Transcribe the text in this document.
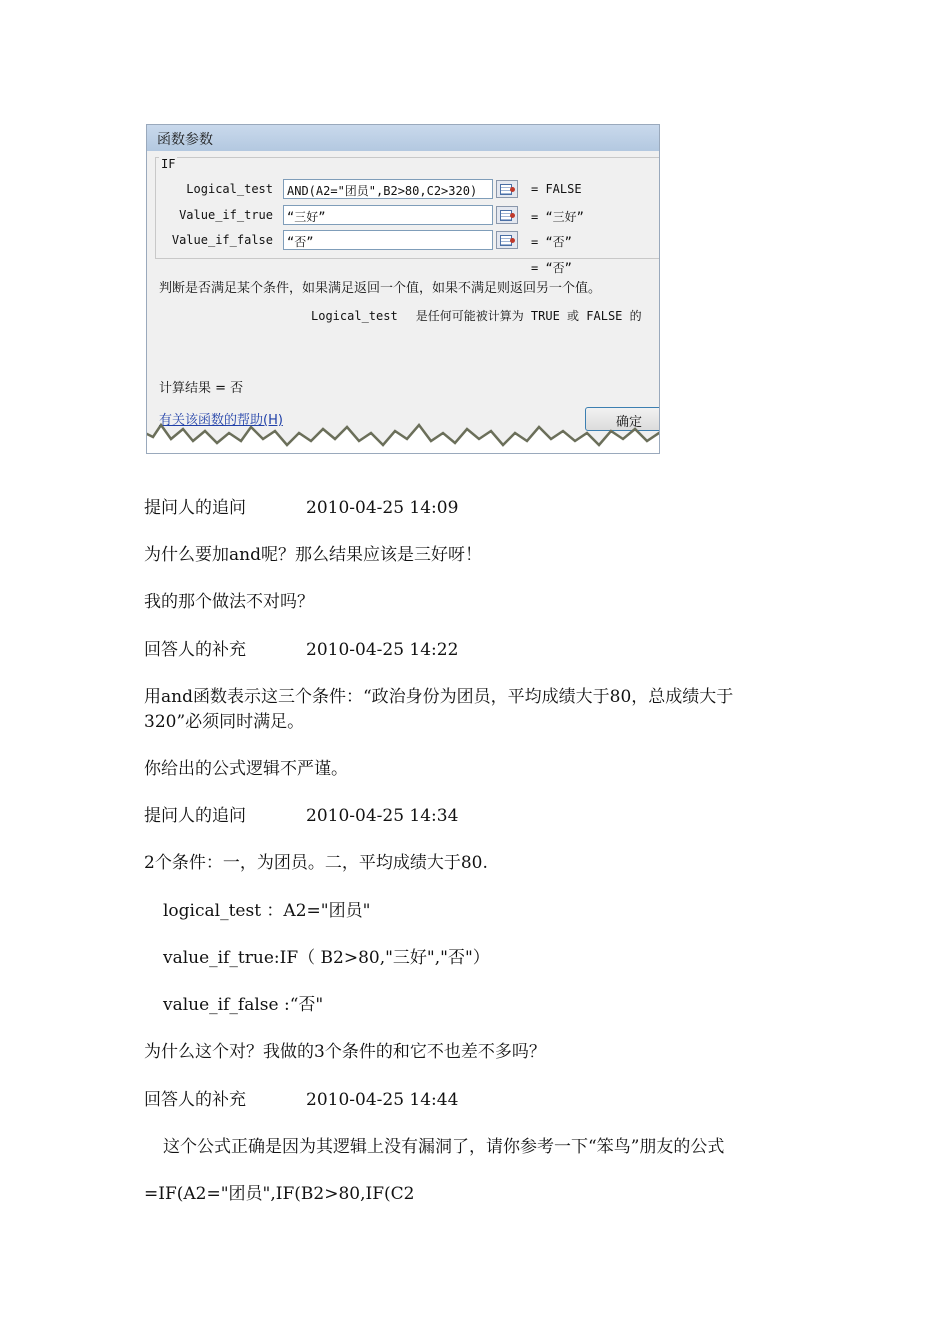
函数参数
IF
Logical_test	AND(A2="团员",B2>80,C2>320)	= FALSE
Value_if_true	“三好”	= “三好”
Value_if_false	“否”	= “否”
= “否”
判断是否满足某个条件，如果满足返回一个值，如果不满足则返回另一个值。
Logical_test 是任何可能被计算为 TRUE 或 FALSE 的
计算结果 = 否
有关该函数的帮助(H)	确定
提问人的追问	2010-04-25 14:09
为什么要加and呢？那么结果应该是三好呀！
我的那个做法不对吗？
回答人的补充	2010-04-25 14:22
用and函数表示这三个条件：“政治身份为团员，平均成绩大于80，总成绩大于
320”必须同时满足。
你给出的公式逻辑不严谨。
提问人的追问	2010-04-25 14:34
2个条件：一，为团员。二，平均成绩大于80.
logical_test ：A2="团员"
value_if_true:IF（ B2>80,"三好","否"）
value_if_false :“否"
为什么这个对？我做的3个条件的和它不也差不多吗？
回答人的补充	2010-04-25 14:44
这个公式正确是因为其逻辑上没有漏洞了，请你参考一下“笨鸟”朋友的公式
=IF(A2="团员",IF(B2>80,IF(C2
